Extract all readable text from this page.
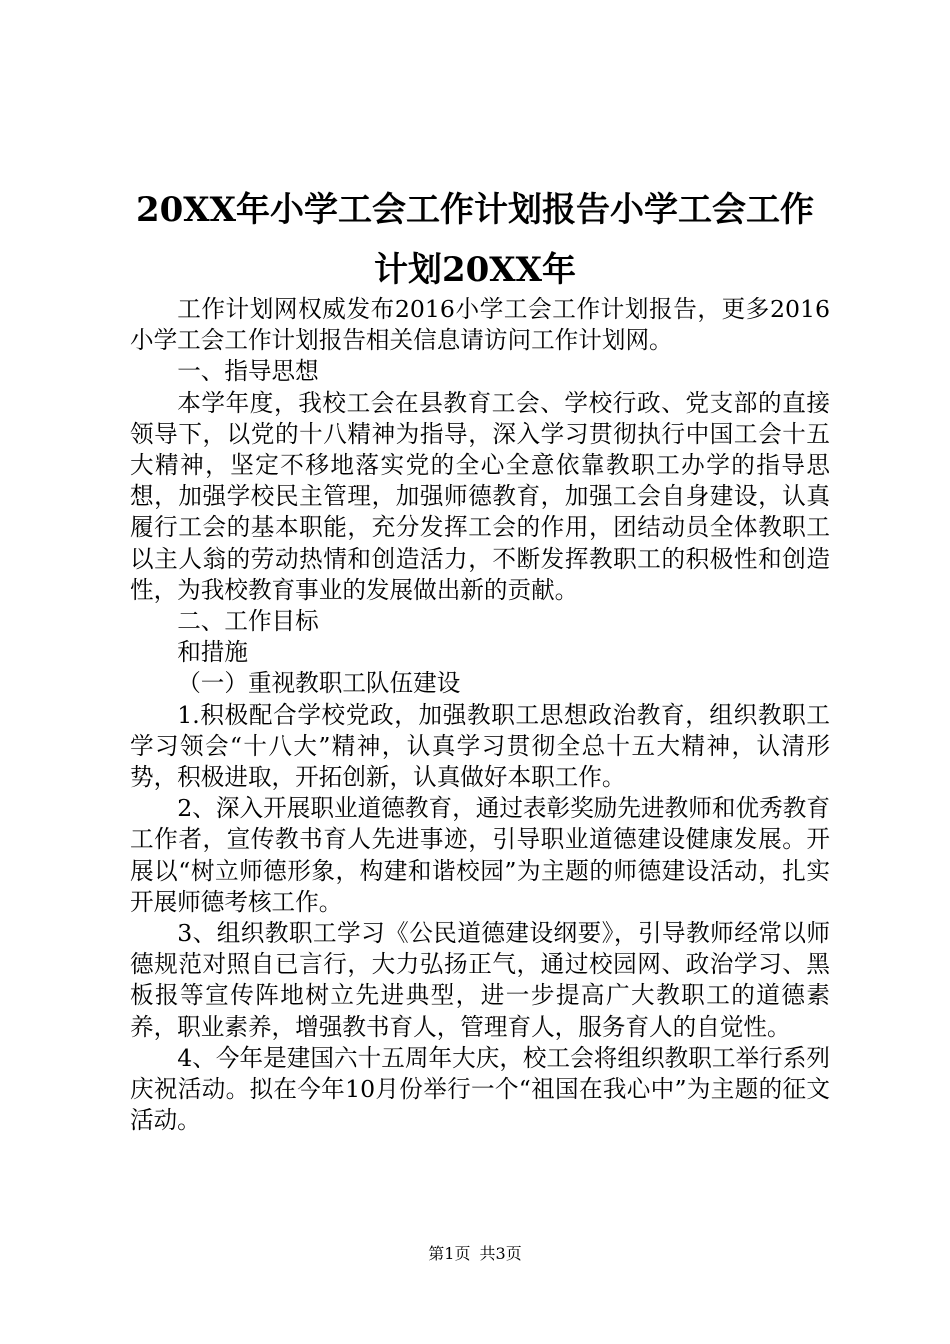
20XX年小学工会工作计划报告小学工会工作
计划20XX年

工作计划网权威发布2016小学工会工作计划报告，更多2016小学工会工作计划报告相关信息请访问工作计划网。

一、指导思想

本学年度，我校工会在县教育工会、学校行政、党支部的直接领导下，以党的十八精神为指导，深入学习贯彻执行中国工会十五大精神，坚定不移地落实党的全心全意依靠教职工办学的指导思想，加强学校民主管理，加强师德教育，加强工会自身建设，认真履行工会的基本职能，充分发挥工会的作用，团结动员全体教职工以主人翁的劳动热情和创造活力，不断发挥教职工的积极性和创造性，为我校教育事业的发展做出新的贡献。

二、工作目标

和措施

（一）重视教职工队伍建设

1.积极配合学校党政，加强教职工思想政治教育，组织教职工学习领会“十八大”精神，认真学习贯彻全总十五大精神，认清形势，积极进取，开拓创新，认真做好本职工作。

2、深入开展职业道德教育，通过表彰奖励先进教师和优秀教育工作者，宣传教书育人先进事迹，引导职业道德建设健康发展。开展以“树立师德形象，构建和谐校园”为主题的师德建设活动，扎实开展师德考核工作。

3、组织教职工学习《公民道德建设纲要》，引导教师经常以师德规范对照自已言行，大力弘扬正气，通过校园网、政治学习、黑板报等宣传阵地树立先进典型，进一步提高广大教职工的道德素养，职业素养，增强教书育人，管理育人，服务育人的自觉性。

4、今年是建国六十五周年大庆，校工会将组织教职工举行系列庆祝活动。拟在今年10月份举行一个“祖国在我心中”为主题的征文活动。

第1页 共3页
